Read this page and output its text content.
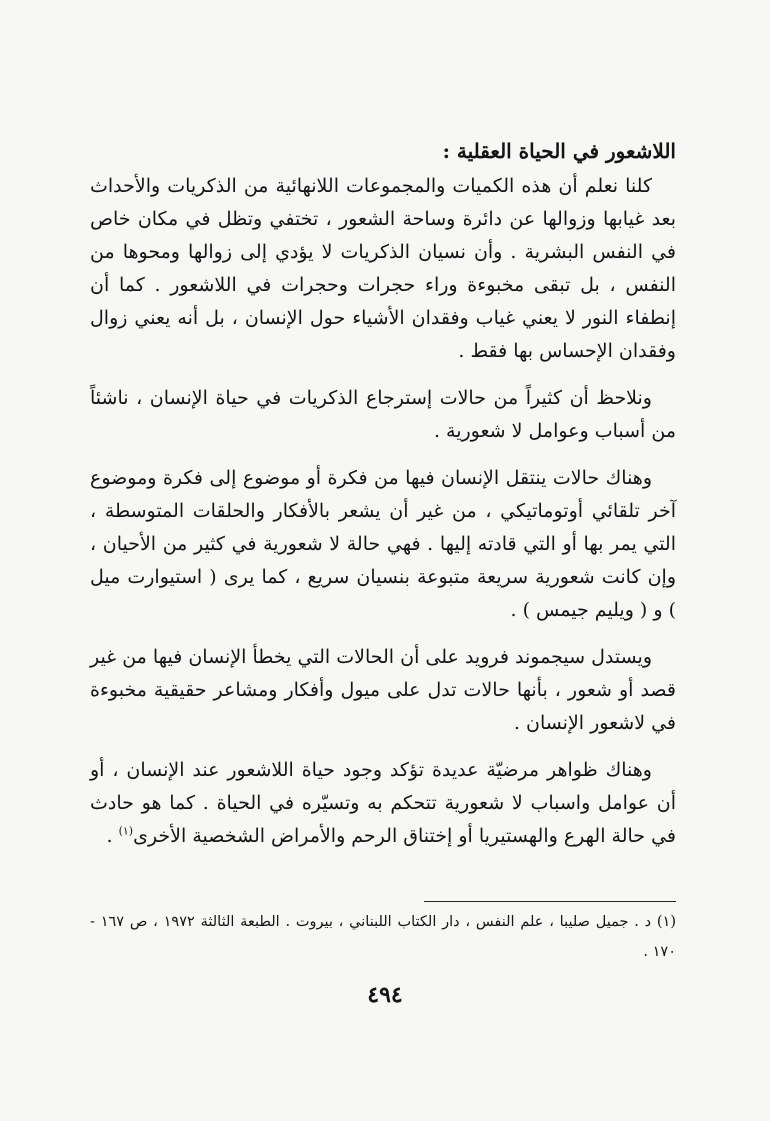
اللاشعور في الحياة العقلية :

كلنا نعلم أن هذه الكميات والمجموعات اللانهائية من الذكريات والأحداث بعد غيابها وزوالها عن دائرة وساحة الشعور ، تختفي وتظل في مكان خاص في النفس البشرية . وأن نسيان الذكريات لا يؤدي إلى زوالها ومحوها من النفس ، بل تبقى مخبوءة وراء حجرات وحجرات في اللاشعور . كما أن إنطفاء النور لا يعني غياب وفقدان الأشياء حول الإنسان ، بل أنه يعني زوال وفقدان الإحساس بها فقط .

ونلاحظ أن كثيراً من حالات إسترجاع الذكريات في حياة الإنسان ، ناشئاً من أسباب وعوامل لا شعورية .

وهناك حالات ينتقل الإنسان فيها من فكرة أو موضوع إلى فكرة وموضوع آخر تلقائي أوتوماتيكي ، من غير أن يشعر بالأفكار والحلقات المتوسطة ، التي يمر بها أو التي قادته إليها . فهي حالة لا شعورية في كثير من الأحيان ، وإن كانت شعورية سريعة متبوعة بنسيان سريع ، كما يرى ( استيوارت ميل ) و ( ويليم جيمس ) .

ويستدل سيجموند فرويد على أن الحالات التي يخطأ الإنسان فيها من غير قصد أو شعور ، بأنها حالات تدل على ميول وأفكار ومشاعر حقيقية مخبوءة في لاشعور الإنسان .

وهناك ظواهر مرضيّة عديدة تؤكد وجود حياة اللاشعور عند الإنسان ، أو أن عوامل واسباب لا شعورية تتحكم به وتسيّره في الحياة . كما هو حادث في حالة الهرع والهستيريا أو إختناق الرحم والأمراض الشخصية الأخرى$^{(١)}$ .

(١) د . جميل صليبا ، علم النفس ، دار الكتاب اللبناني ، بيروت . الطبعة الثالثة ١٩٧٢ ، ص ١٦٧ - ١٧٠ .
٤٩٤
